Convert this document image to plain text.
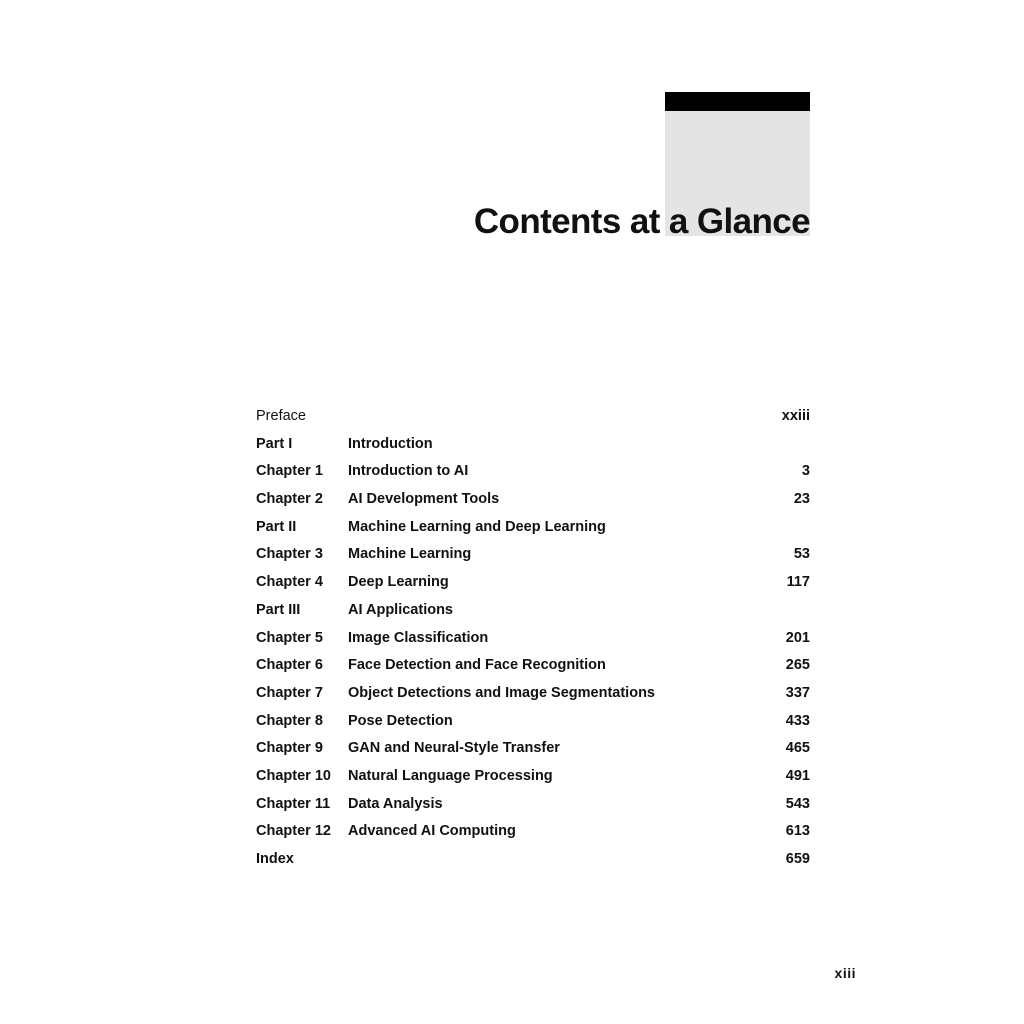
Contents at a Glance
Preface	xxiii
Part I	Introduction
Chapter 1 Introduction to AI	3
Chapter 2 AI Development Tools	23
Part II	Machine Learning and Deep Learning
Chapter 3 Machine Learning	53
Chapter 4 Deep Learning	117
Part III	AI Applications
Chapter 5 Image Classification	201
Chapter 6 Face Detection and Face Recognition	265
Chapter 7 Object Detections and Image Segmentations	337
Chapter 8 Pose Detection	433
Chapter 9 GAN and Neural-Style Transfer	465
Chapter 10 Natural Language Processing	491
Chapter 11 Data Analysis	543
Chapter 12 Advanced AI Computing	613
Index	659
xiii
